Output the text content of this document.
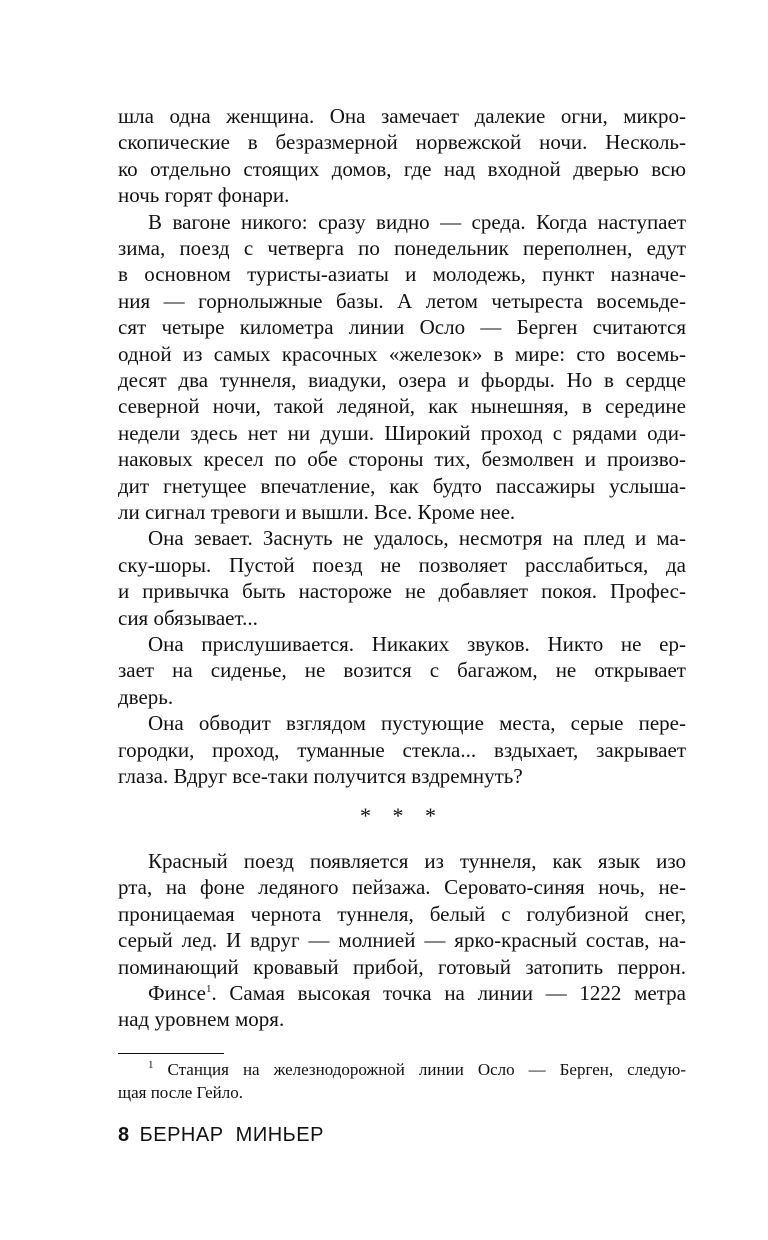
шла одна женщина. Она замечает далекие огни, микро-
скопические в безразмерной норвежской ночи. Несколь-
ко отдельно стоящих домов, где над входной дверью всю
ночь горят фонари.
В вагоне никого: сразу видно — среда. Когда наступает
зима, поезд с четверга по понедельник переполнен, едут
в основном туристы-азиаты и молодежь, пункт назначе-
ния — горнолыжные базы. А летом четыреста восемьде-
сят четыре километра линии Осло — Берген считаются
одной из самых красочных «железок» в мире: сто восемь-
десят два туннеля, виадуки, озера и фьорды. Но в сердце
северной ночи, такой ледяной, как нынешняя, в середине
недели здесь нет ни души. Широкий проход с рядами оди-
наковых кресел по обе стороны тих, безмолвен и произво-
дит гнетущее впечатление, как будто пассажиры услыша-
ли сигнал тревоги и вышли. Все. Кроме нее.
Она зевает. Заснуть не удалось, несмотря на плед и ма-
ску-шоры. Пустой поезд не позволяет расслабиться, да
и привычка быть настороже не добавляет покоя. Профес-
сия обязывает...
Она прислушивается. Никаких звуков. Никто не ер-
зает на сиденье, не возится с багажом, не открывает
дверь.
Она обводит взглядом пустующие места, серые пере-
городки, проход, туманные стекла... вздыхает, закрывает
глаза. Вдруг все-таки получится вздремнуть?
* * *
Красный поезд появляется из туннеля, как язык изо
рта, на фоне ледяного пейзажа. Серовато-синяя ночь, не-
проницаемая чернота туннеля, белый с голубизной снег,
серый лед. И вдруг — молнией — ярко-красный состав, на-
поминающий кровавый прибой, готовый затопить перрон.
Финсе$^1$. Самая высокая точка на линии — 1222 метра
над уровнем моря.
$^1$ Станция на железнодорожной линии Осло — Берген, следую-
щая после Гейло.
8 БЕРНАР  МИНЬЕР
